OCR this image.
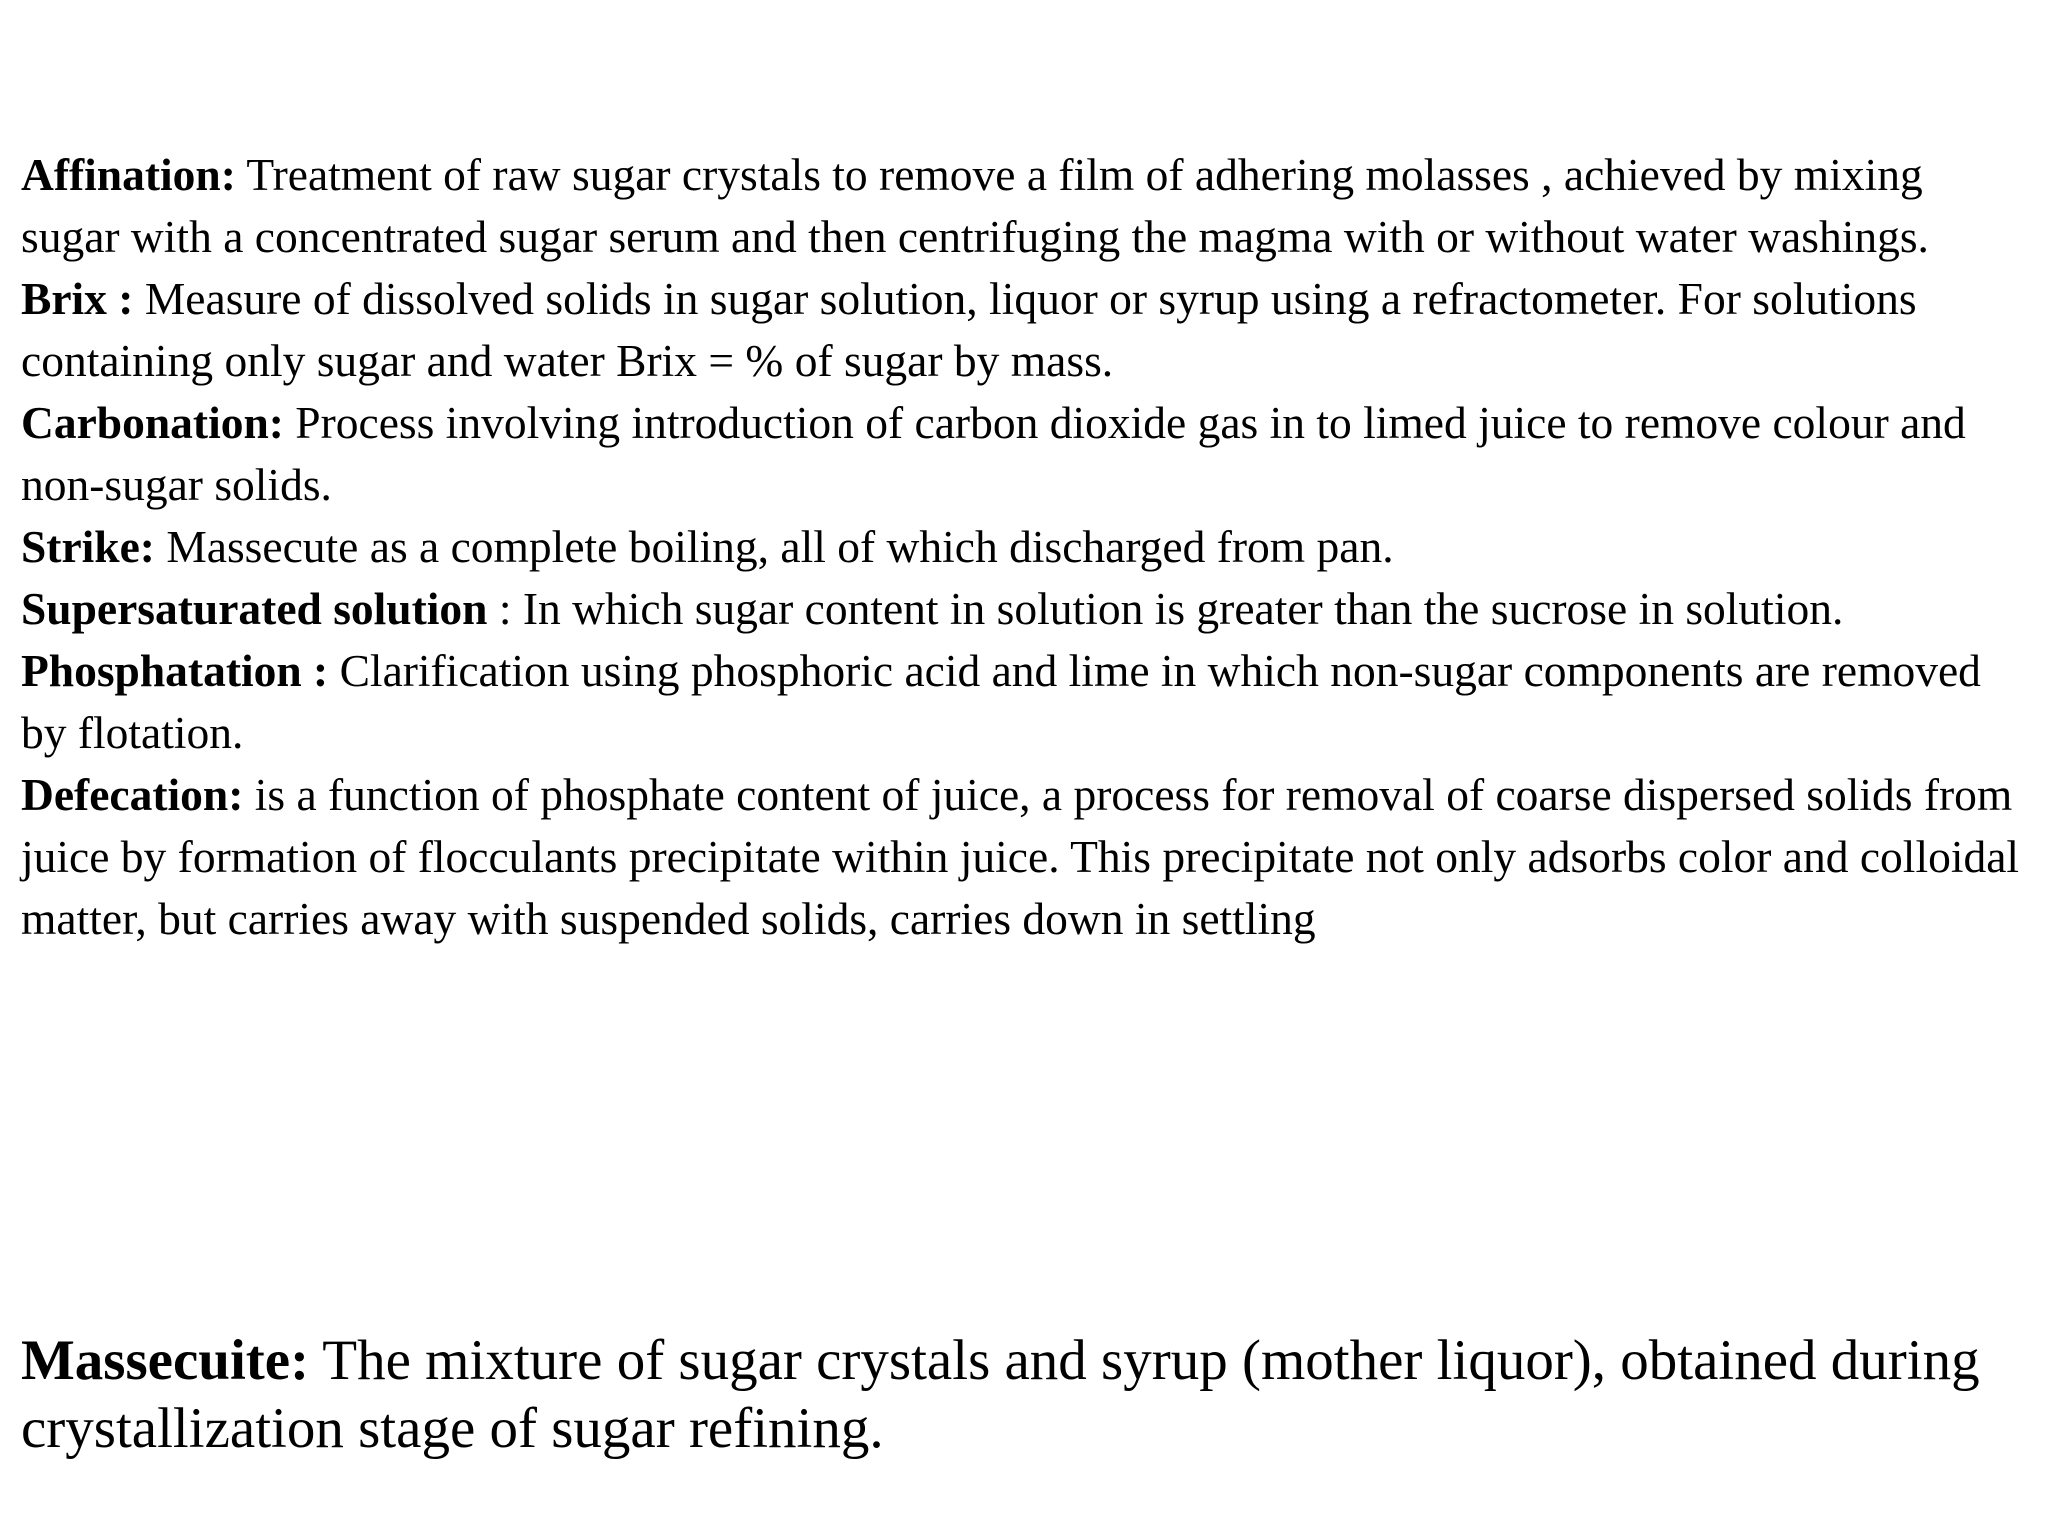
Affination: Treatment of raw sugar crystals to remove a film of adhering molasses , achieved by mixing sugar with a concentrated sugar serum and then centrifuging the magma with or without water washings.

Brix : Measure of dissolved solids in sugar solution, liquor or syrup using a refractometer. For solutions containing only sugar and water Brix = % of sugar by mass.

Carbonation: Process involving introduction of carbon dioxide gas in to limed juice to remove colour and non-sugar solids.

Strike: Massecute as a complete boiling, all of which discharged from pan.

Supersaturated solution : In which sugar content in solution is greater than the sucrose in solution.

Phosphatation : Clarification using phosphoric acid and lime in which non-sugar components are removed by flotation.

Defecation: is a function of phosphate content of juice, a process for removal of coarse dispersed solids from juice by formation of flocculants precipitate within juice. This precipitate not only adsorbs color and colloidal matter, but carries away with suspended solids, carries down in settling

Massecuite: The mixture of sugar crystals and syrup (mother liquor), obtained during crystallization stage of sugar refining.
